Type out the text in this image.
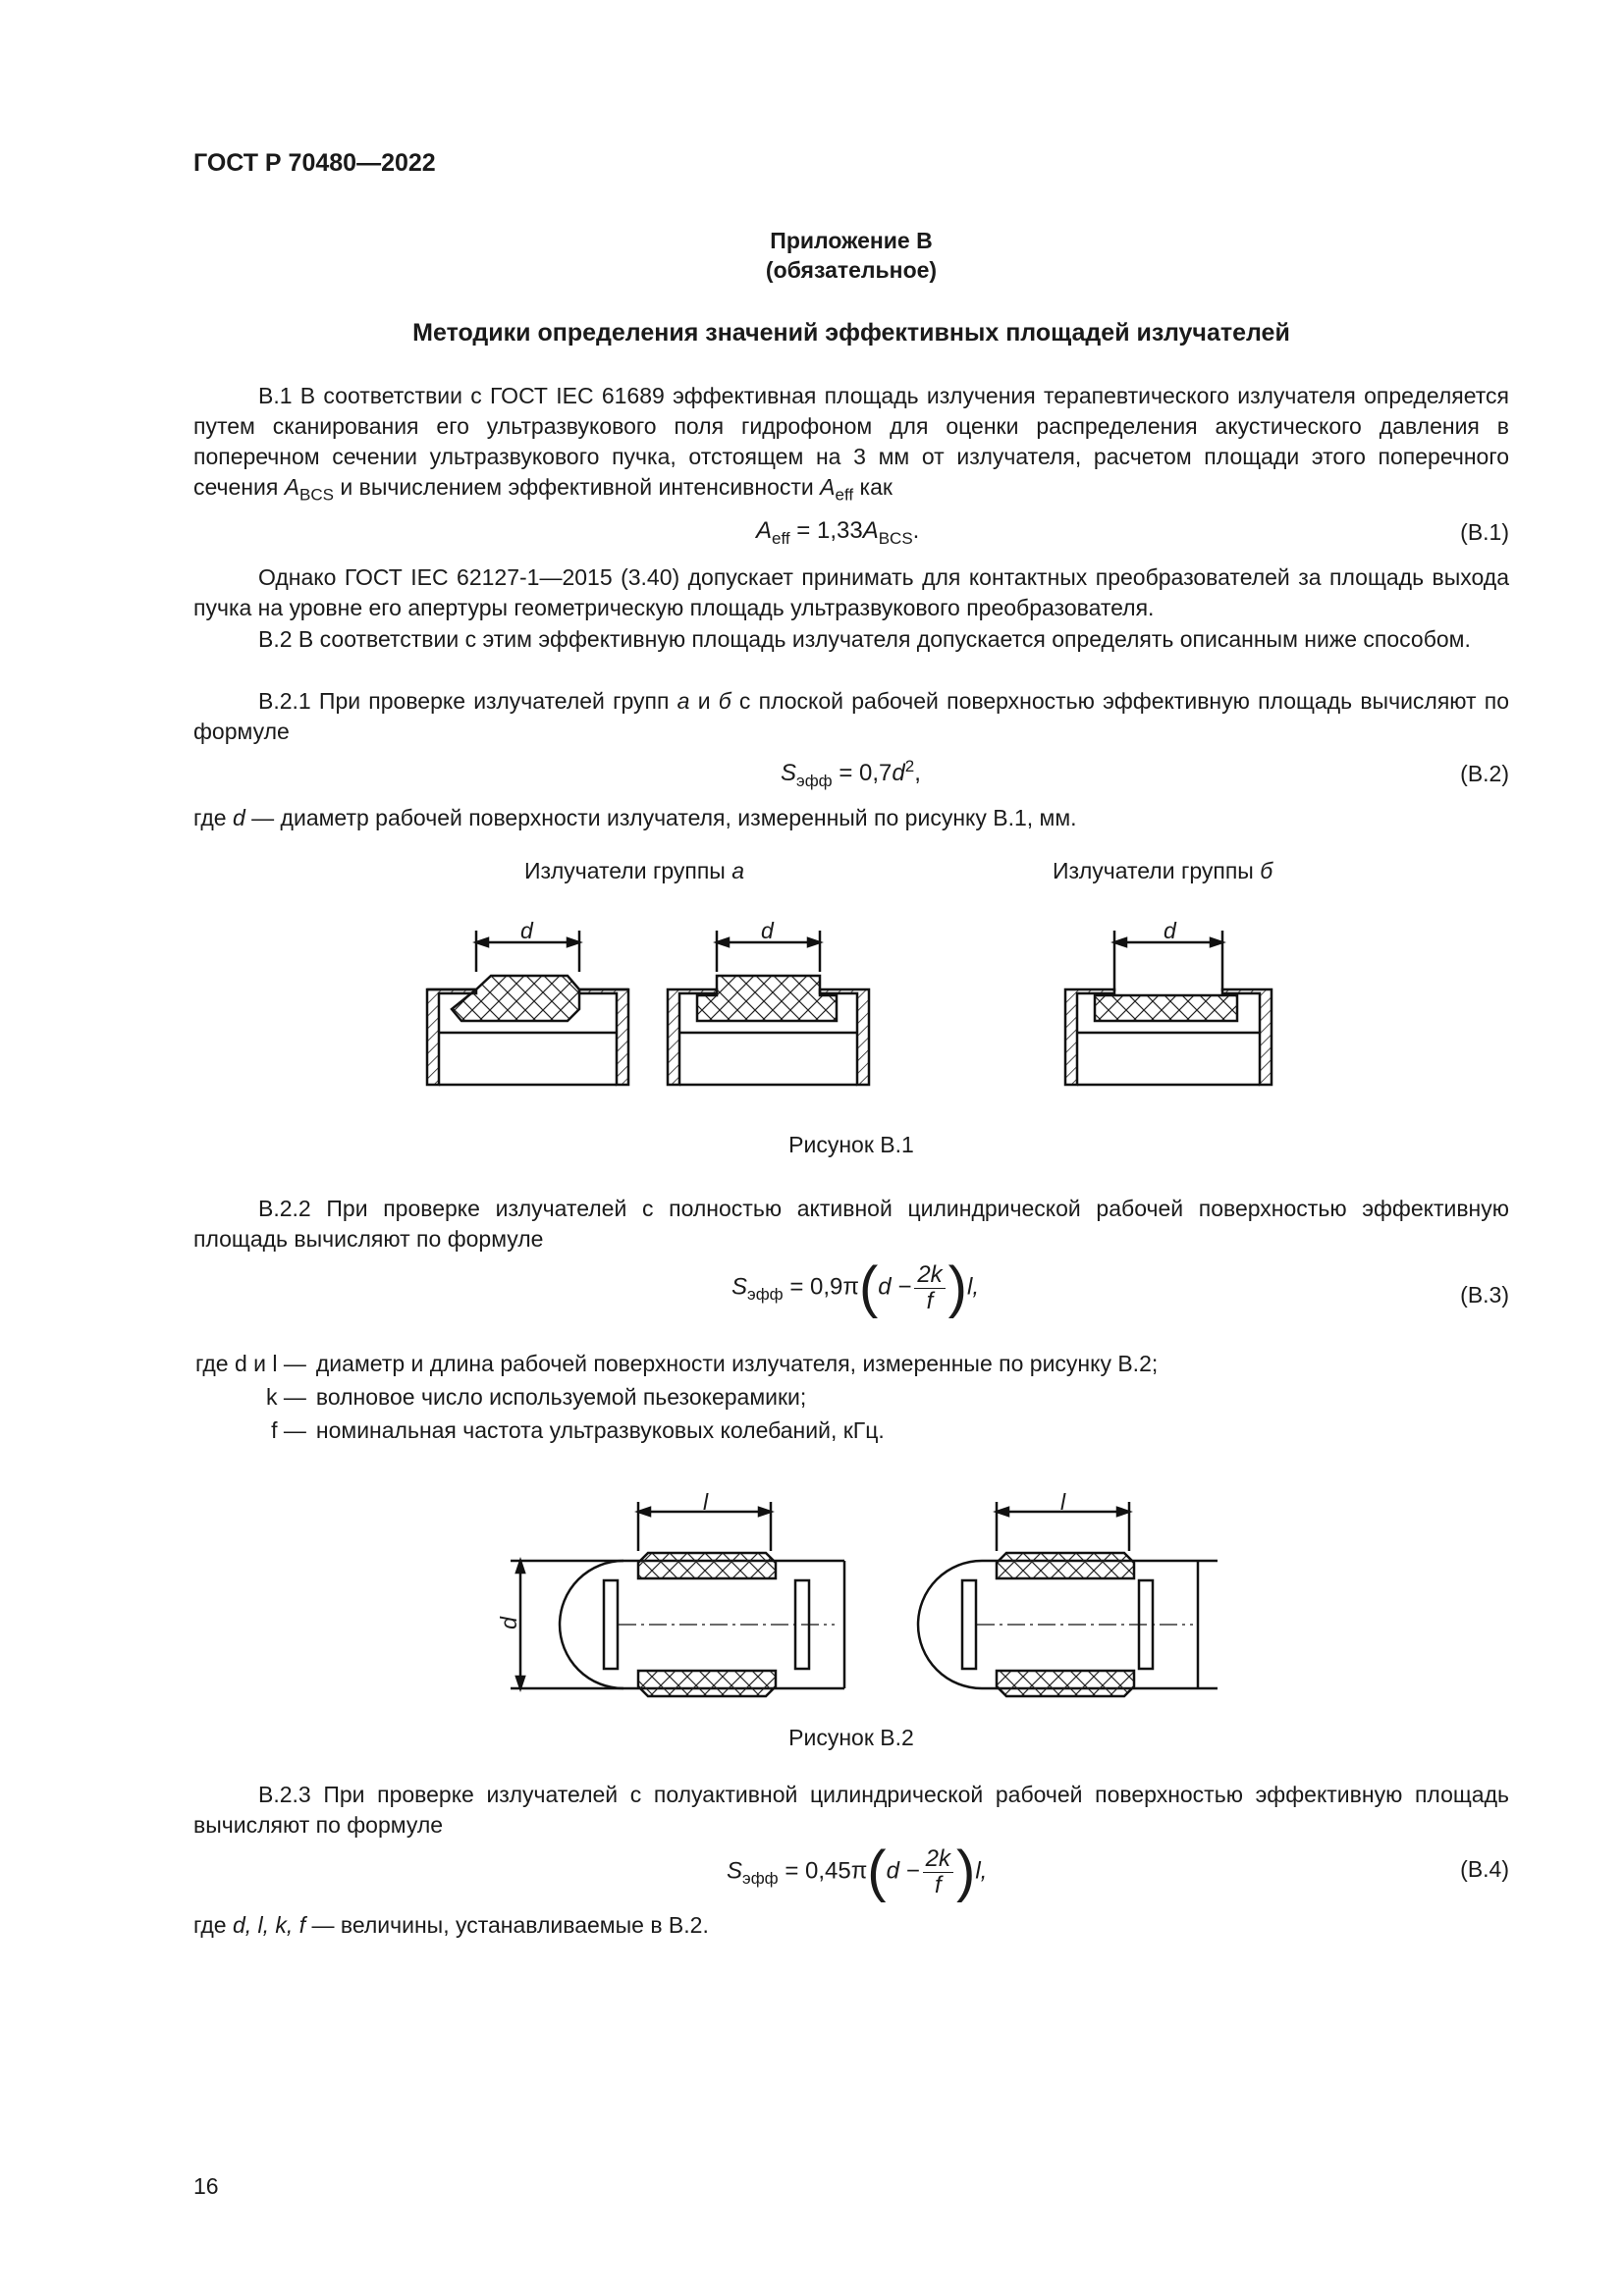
ГОСТ Р 70480—2022
Приложение В
(обязательное)
Методики определения значений эффективных площадей излучателей
В.1 В соответствии с ГОСТ IEC 61689 эффективная площадь излучения терапевтического излучателя определяется путем сканирования его ультразвукового поля гидрофоном для оценки распределения акустического давления в поперечном сечении ультразвукового пучка, отстоящем на 3 мм от излучателя, расчетом площади этого поперечного сечения $A_{BCS}$ и вычислением эффективной интенсивности $A_{eff}$ как
$A_{eff} = 1,33A_{BCS}$.	(В.1)
Однако ГОСТ IEC 62127-1—2015 (3.40) допускает принимать для контактных преобразователей за площадь выхода пучка на уровне его апертуры геометрическую площадь ультразвукового преобразователя.
В.2 В соответствии с этим эффективную площадь излучателя допускается определять описанным ниже способом.
В.2.1 При проверке излучателей групп а и б с плоской рабочей поверхностью эффективную площадь вычисляют по формуле
$S_{эфф} = 0,7d^2$,	(В.2)
где d — диаметр рабочей поверхности излучателя, измеренный по рисунку В.1, мм.
Излучатели группы а	Излучатели группы б
d	d	d
Рисунок В.1
В.2.2 При проверке излучателей с полностью активной цилиндрической рабочей поверхностью эффективную площадь вычисляют по формуле
$S_{эфф} = 0,9\pi(d - \frac{2k}{f} )l$,	(В.3)
где d и l —	диаметр и длина рабочей поверхности излучателя, измеренные по рисунку В.2;
k —	волновое число используемой пьезокерамики;
f —	номинальная частота ультразвуковых колебаний, кГц.
l	l
d
Рисунок В.2
В.2.3 При проверке излучателей с полуактивной цилиндрической рабочей поверхностью эффективную площадь вычисляют по формуле
$S_{эфф} = 0,45\pi(d - \frac{2k}{f} )l$,	(В.4)
где d, l, k, f — величины, устанавливаемые в В.2.
16
